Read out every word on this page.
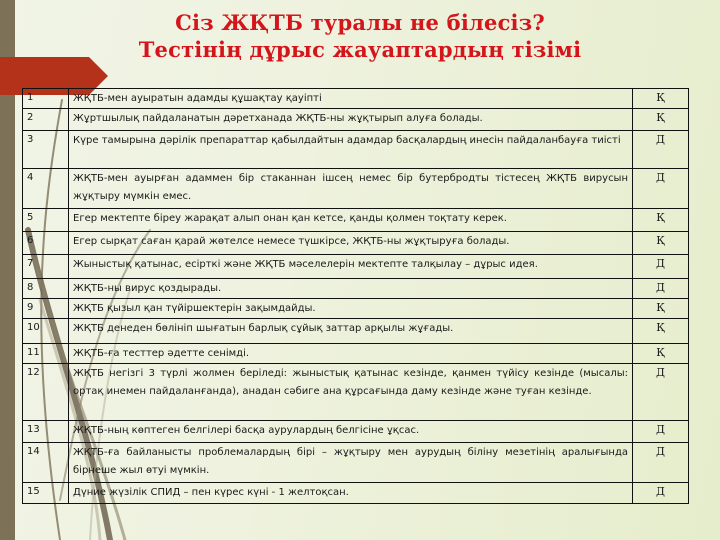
Сіз ЖҚТБ туралы не білесіз?
Тестінің дұрыс жауаптардың тізімі
1	ЖҚТБ-мен ауыратын адамды құшақтау қауіпті	Қ
2	Жұртшылық пайдаланатын дәретханада ЖҚТБ-ны жұқтырып алуға болады.	Қ
3	Күре тамырына дәрілік препараттар қабылдайтын адамдар басқалардың инесін пайдаланбауға тиісті	Д
4	ЖҚТБ-мен ауырған адаммен бір стаканнан ішсең немес бір бутербродты тістесең ЖҚТБ вирусын жұқтыру мүмкін емес.	Д
5	Егер мектепте біреу жарақат алып онан қан кетсе, қанды қолмен тоқтату керек.	Қ
6	Егер сырқат саған қарай жөтелсе немесе түшкірсе, ЖҚТБ-ны жұқтыруға болады.	Қ
7	Жыныстық қатынас, есірткі және ЖҚТБ мәселелерін мектепте талқылау – дұрыс идея.	Д
8	ЖҚТБ-ны вирус қоздырады.	Д
9	ЖҚТБ қызыл қан түйіршектерін зақымдайды.	Қ
10	ЖҚТБ денеден бөлініп шығатын барлық сұйық заттар арқылы жұғады.	Қ
11	ЖҚТБ-ға тесттер әдетте сенімді.	Қ
12	ЖҚТБ негізгі 3 түрлі жолмен беріледі: жыныстық қатынас кезінде, қанмен түйісу кезінде (мысалы: ортақ инемен пайдаланғанда), анадан сәбиге ана құрсағында даму кезінде және туған кезінде.	Д
13	ЖҚТБ-ның көптеген белгілері басқа аурулардың белгісіне ұқсас.	Д
14	ЖҚТБ-ға байланысты проблемалардың бірі – жұқтыру мен аурудың біліну мезетінің аралығында бірнеше жыл өтуі мүмкін.	Д
15	Дүние жүзілік СПИД – пен күрес күні - 1 желтоқсан.	Д
